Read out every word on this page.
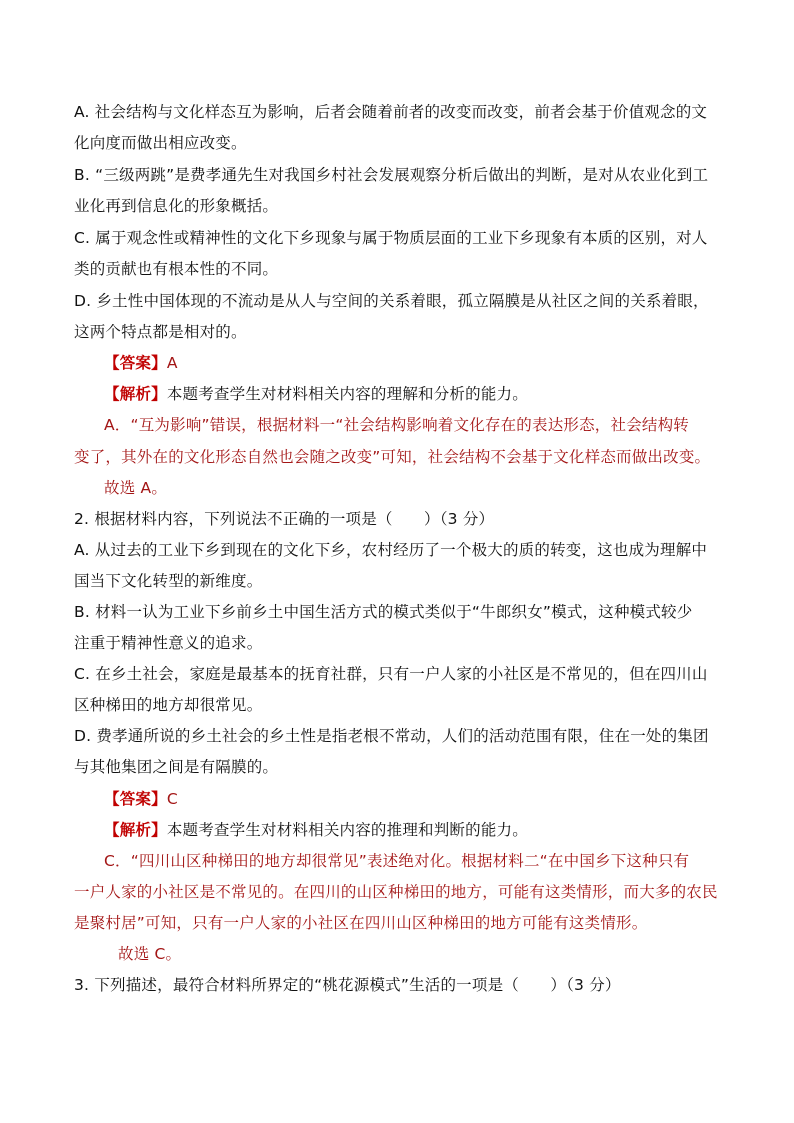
A. 社会结构与文化样态互为影响，后者会随着前者的改变而改变，前者会基于价值观念的文
化向度而做出相应改变。
B. “三级两跳”是费孝通先生对我国乡村社会发展观察分析后做出的判断，是对从农业化到工
业化再到信息化的形象概括。
C. 属于观念性或精神性的文化下乡现象与属于物质层面的工业下乡现象有本质的区别，对人
类的贡献也有根本性的不同。
D. 乡土性中国体现的不流动是从人与空间的关系着眼，孤立隔膜是从社区之间的关系着眼，
这两个特点都是相对的。
【答案】A
【解析】本题考查学生对材料相关内容的理解和分析的能力。
A．“互为影响”错误，根据材料一“社会结构影响着文化存在的表达形态，社会结构转
变了，其外在的文化形态自然也会随之改变”可知，社会结构不会基于文化样态而做出改变。
故选 A。
2. 根据材料内容，下列说法不正确的一项是（　　）（3 分）
A. 从过去的工业下乡到现在的文化下乡，农村经历了一个极大的质的转变，这也成为理解中
国当下文化转型的新维度。
B. 材料一认为工业下乡前乡土中国生活方式的模式类似于“牛郎织女”模式，这种模式较少
注重于精神性意义的追求。
C. 在乡土社会，家庭是最基本的抚育社群，只有一户人家的小社区是不常见的，但在四川山
区种梯田的地方却很常见。
D. 费孝通所说的乡土社会的乡土性是指老根不常动，人们的活动范围有限，住在一处的集团
与其他集团之间是有隔膜的。
【答案】C
【解析】本题考查学生对材料相关内容的推理和判断的能力。
C．“四川山区种梯田的地方却很常见”表述绝对化。根据材料二“在中国乡下这种只有
一户人家的小社区是不常见的。在四川的山区种梯田的地方，可能有这类情形，而大多的农民
是聚村居”可知，只有一户人家的小社区在四川山区种梯田的地方可能有这类情形。
故选 C。
3. 下列描述，最符合材料所界定的“桃花源模式”生活的一项是（　　）（3 分）
